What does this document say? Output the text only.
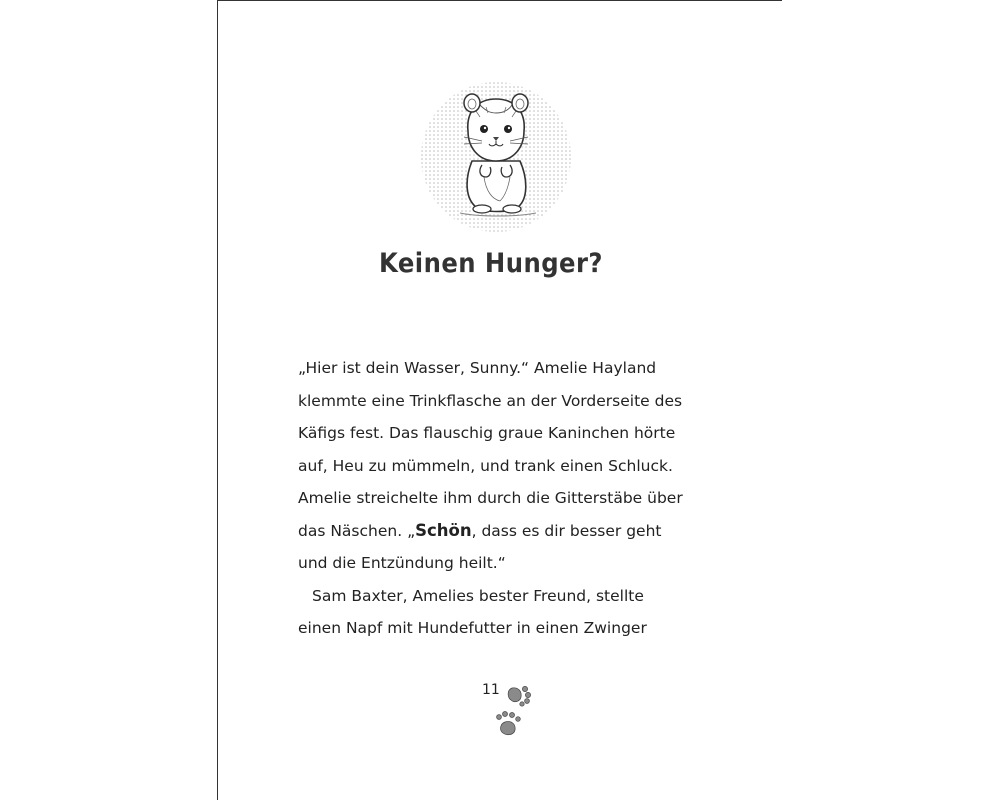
Keinen Hunger?

„Hier ist dein Wasser, Sunny.“ Amelie Hayland

klemmte eine Trinkflasche an der Vorderseite des

Käfigs fest. Das flauschig graue Kaninchen hörte

auf, Heu zu mümmeln, und trank einen Schluck.

Amelie streichelte ihm durch die Gitterstäbe über

das Näschen. „Schön, dass es dir besser geht

und die Entzündung heilt.“

Sam Baxter, Amelies bester Freund, stellte

einen Napf mit Hundefutter in einen Zwinger

11
